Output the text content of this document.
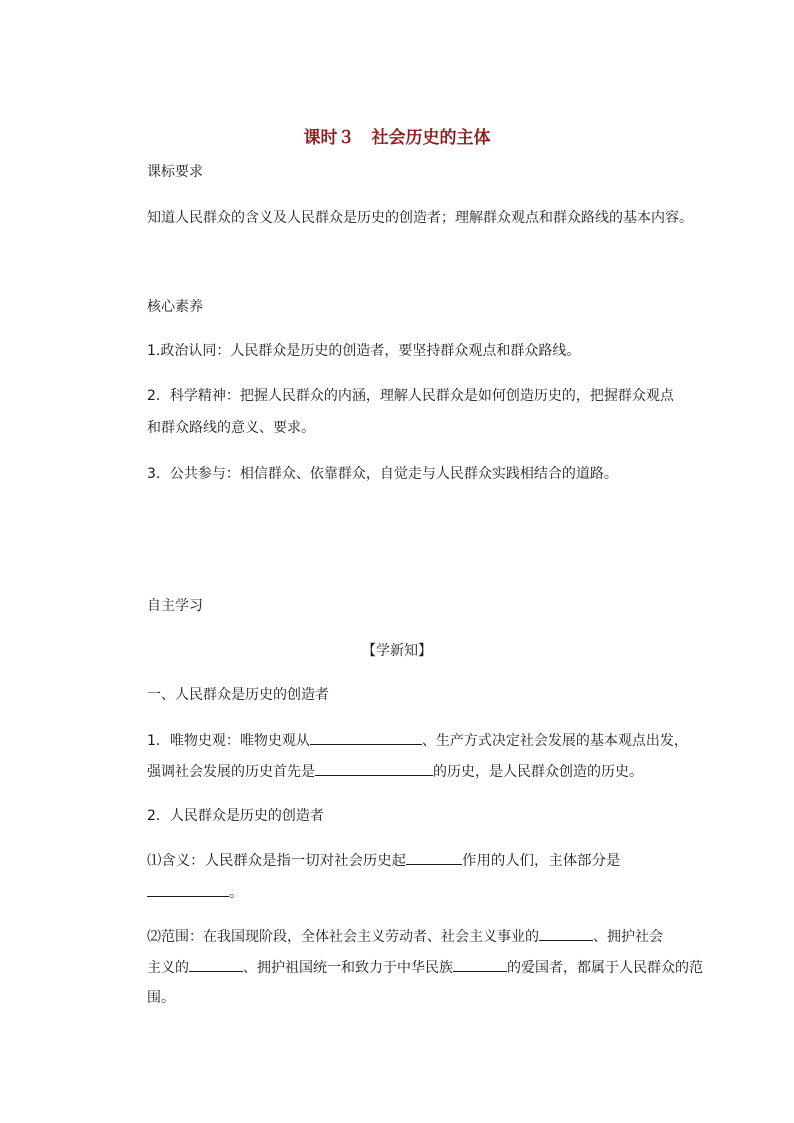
课时３　社会历史的主体
课标要求
知道人民群众的含义及人民群众是历史的创造者；理解群众观点和群众路线的基本内容。
核心素养
1.政治认同：人民群众是历史的创造者，要坚持群众观点和群众路线。
2．科学精神：把握人民群众的内涵，理解人民群众是如何创造历史的，把握群众观点
和群众路线的意义、要求。
3．公共参与：相信群众、依靠群众，自觉走与人民群众实践相结合的道路。
自主学习
【学新知】
一、人民群众是历史的创造者
1．唯物史观：唯物史观从	、生产方式决定社会发展的基本观点出发，
强调社会发展的历史首先是	的历史，是人民群众创造的历史。
2．人民群众是历史的创造者
⑴含义：人民群众是指一切对社会历史起	作用的人们，主体部分是
。
⑵范围：在我国现阶段，全体社会主义劳动者、社会主义事业的	、拥护社会
主义的	、拥护祖国统一和致力于中华民族	的爱国者，都属于人民群众的范
围。
